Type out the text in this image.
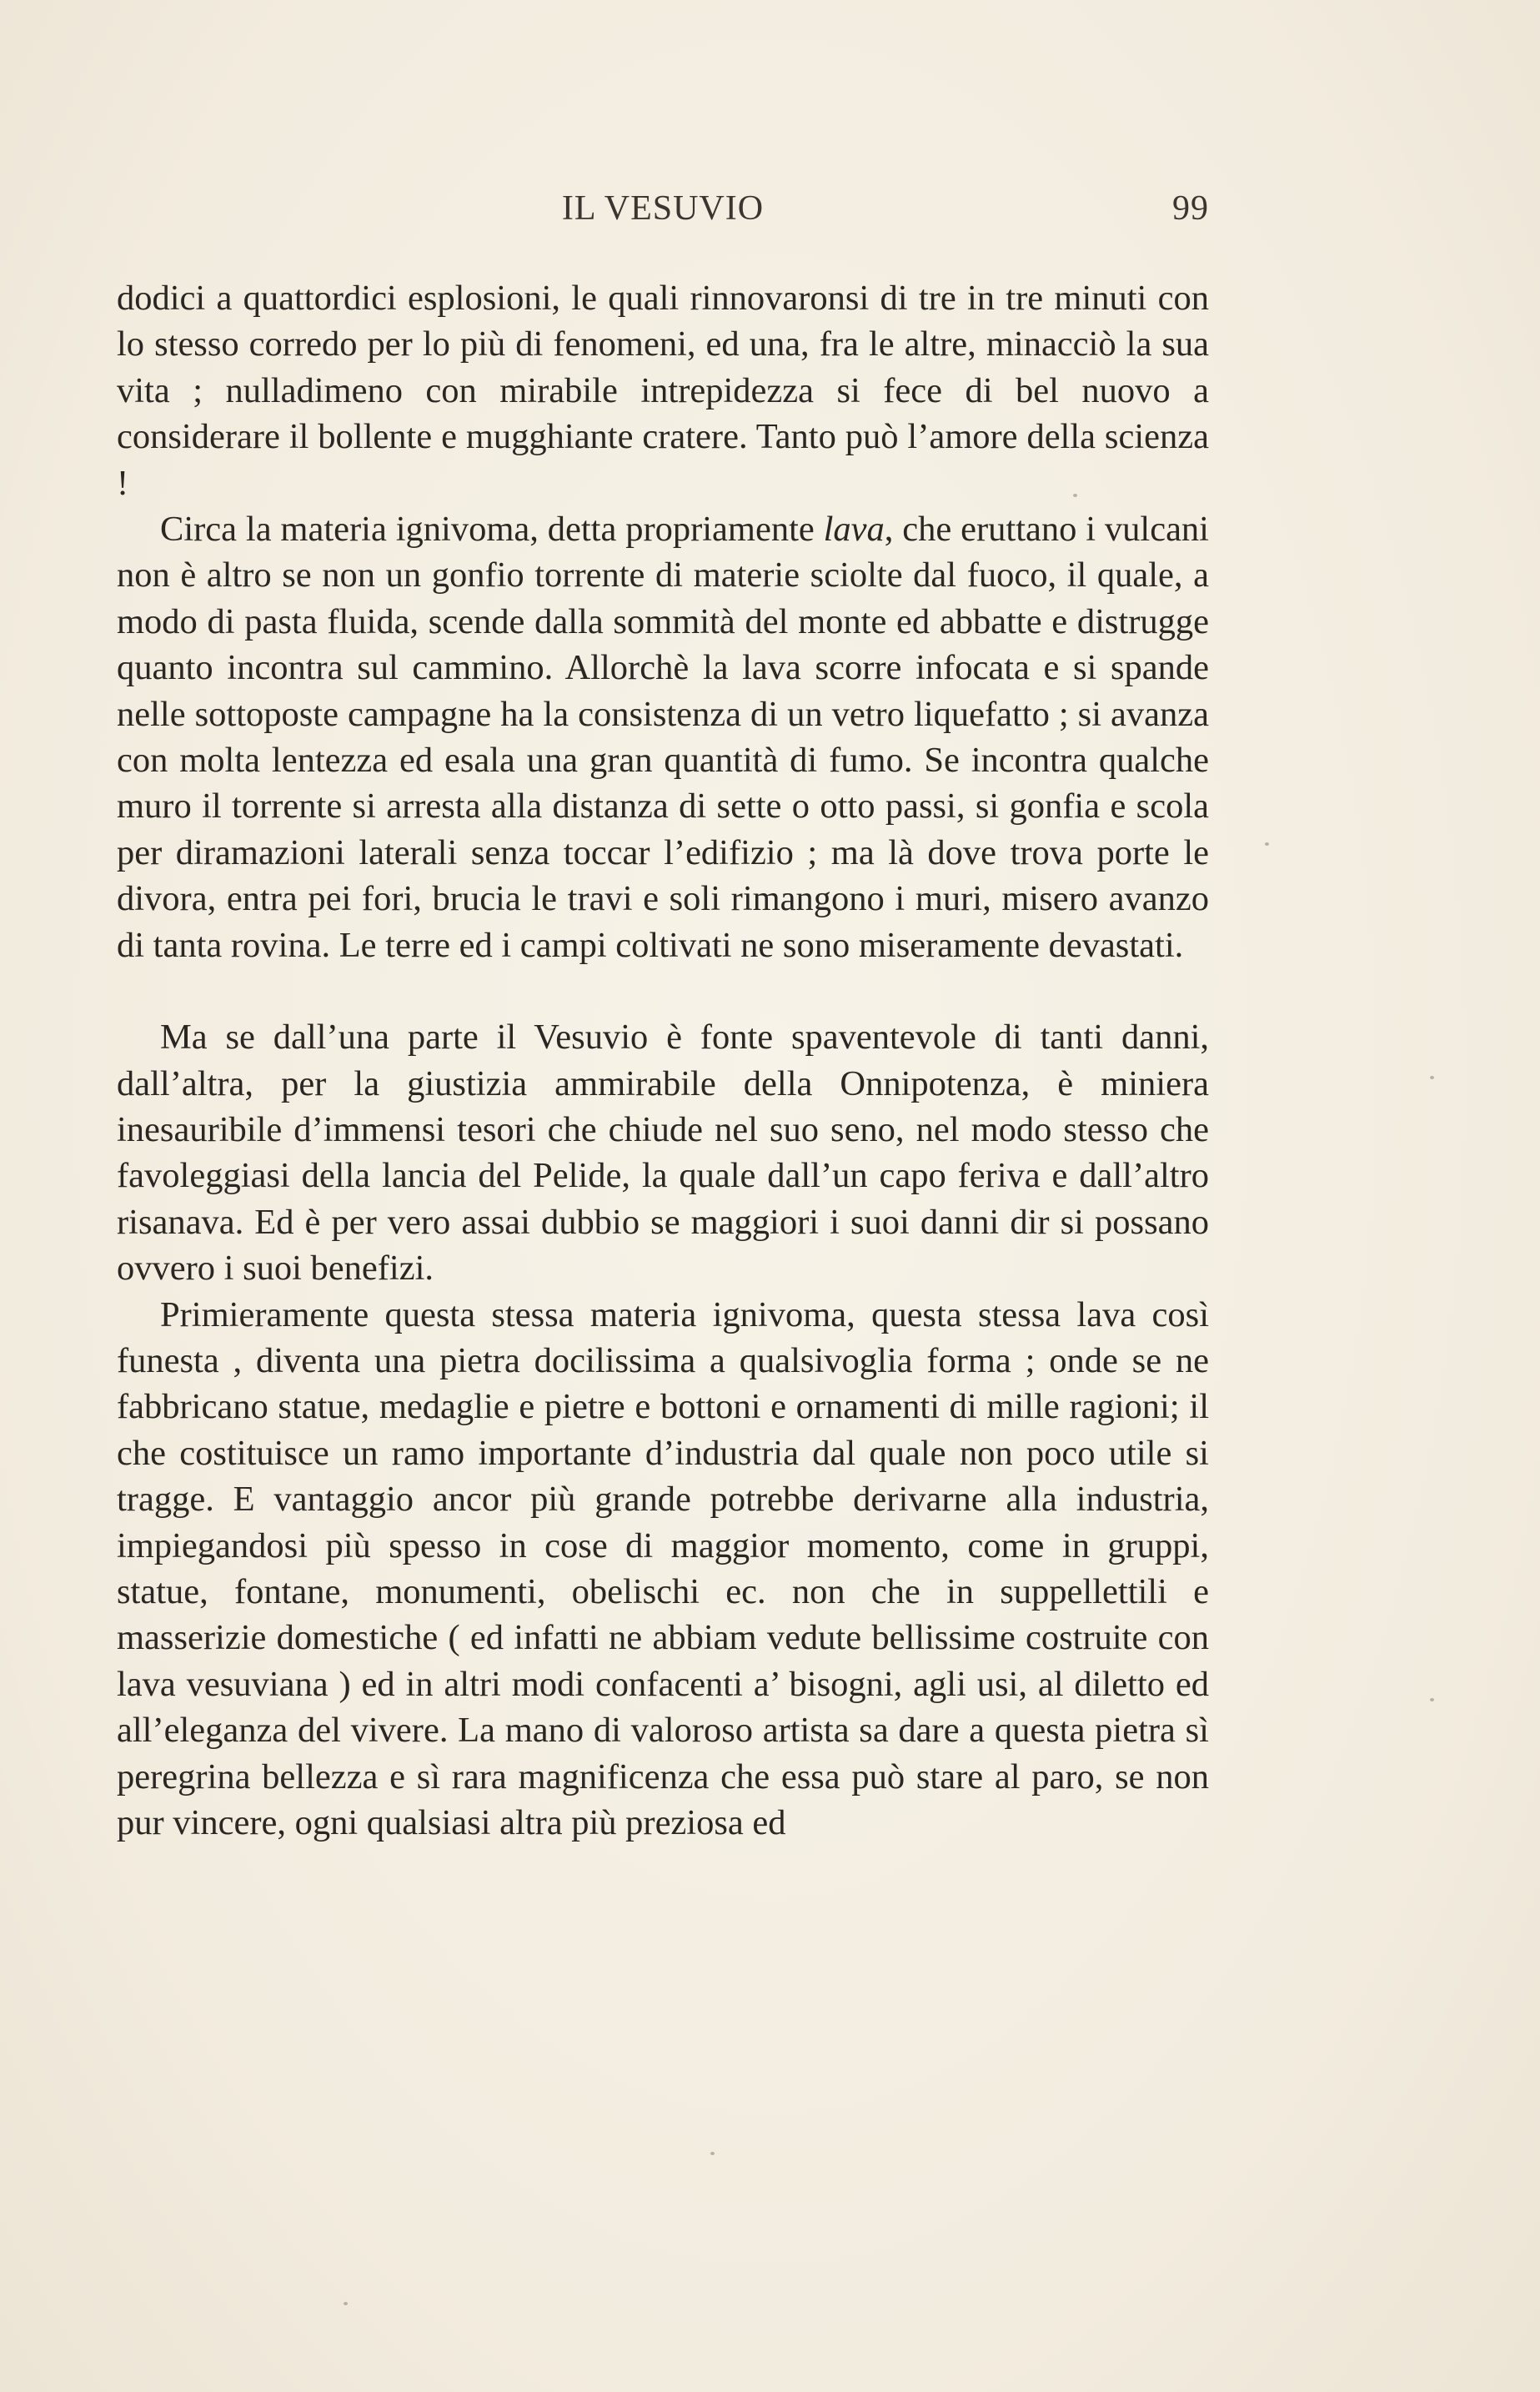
IL VESUVIO	99

dodici a quattordici esplosioni, le quali rinnovaronsi di tre in tre minuti con lo stesso corredo per lo più di fenomeni, ed una, fra le altre, minacciò la sua vita ; nulladimeno con mirabile intrepidezza si fece di bel nuovo a considerare il bollente e mugghiante cratere. Tanto può l’amore della scienza !

Circa la materia ignivoma, detta propriamente lava, che eruttano i vulcani non è altro se non un gonfio torrente di materie sciolte dal fuoco, il quale, a modo di pasta fluida, scende dalla sommità del monte ed abbatte e distrugge quanto incontra sul cammino. Allorchè la lava scorre infocata e si spande nelle sottoposte campagne ha la consistenza di un vetro liquefatto ; si avanza con molta lentezza ed esala una gran quantità di fumo. Se incontra qualche muro il torrente si arresta alla distanza di sette o otto passi, si gonfia e scola per diramazioni laterali senza toccar l’edifizio ; ma là dove trova porte le divora, entra pei fori, brucia le travi e soli rimangono i muri, misero avanzo di tanta rovina. Le terre ed i campi coltivati ne sono miseramente devastati.

Ma se dall’una parte il Vesuvio è fonte spaventevole di tanti danni, dall’altra, per la giustizia ammirabile della Onnipotenza, è miniera inesauribile d’immensi tesori che chiude nel suo seno, nel modo stesso che favoleggiasi della lancia del Pelide, la quale dall’un capo feriva e dall’altro risanava. Ed è per vero assai dubbio se maggiori i suoi danni dir si possano ovvero i suoi benefizi.

Primieramente questa stessa materia ignivoma, questa stessa lava così funesta , diventa una pietra docilissima a qualsivoglia forma ; onde se ne fabbricano statue, medaglie e pietre e bottoni e ornamenti di mille ragioni; il che costituisce un ramo importante d’industria dal quale non poco utile si tragge. E vantaggio ancor più grande potrebbe derivarne alla industria, impiegandosi più spesso in cose di maggior momento, come in gruppi, statue, fontane, monumenti, obelischi ec. non che in suppellettili e masserizie domestiche ( ed infatti ne abbiam vedute bellissime costruite con lava vesuviana ) ed in altri modi confacenti a’ bisogni, agli usi, al diletto ed all’eleganza del vivere. La mano di valoroso artista sa dare a questa pietra sì peregrina bellezza e sì rara magnificenza che essa può stare al paro, se non pur vincere, ogni qualsiasi altra più preziosa ed
